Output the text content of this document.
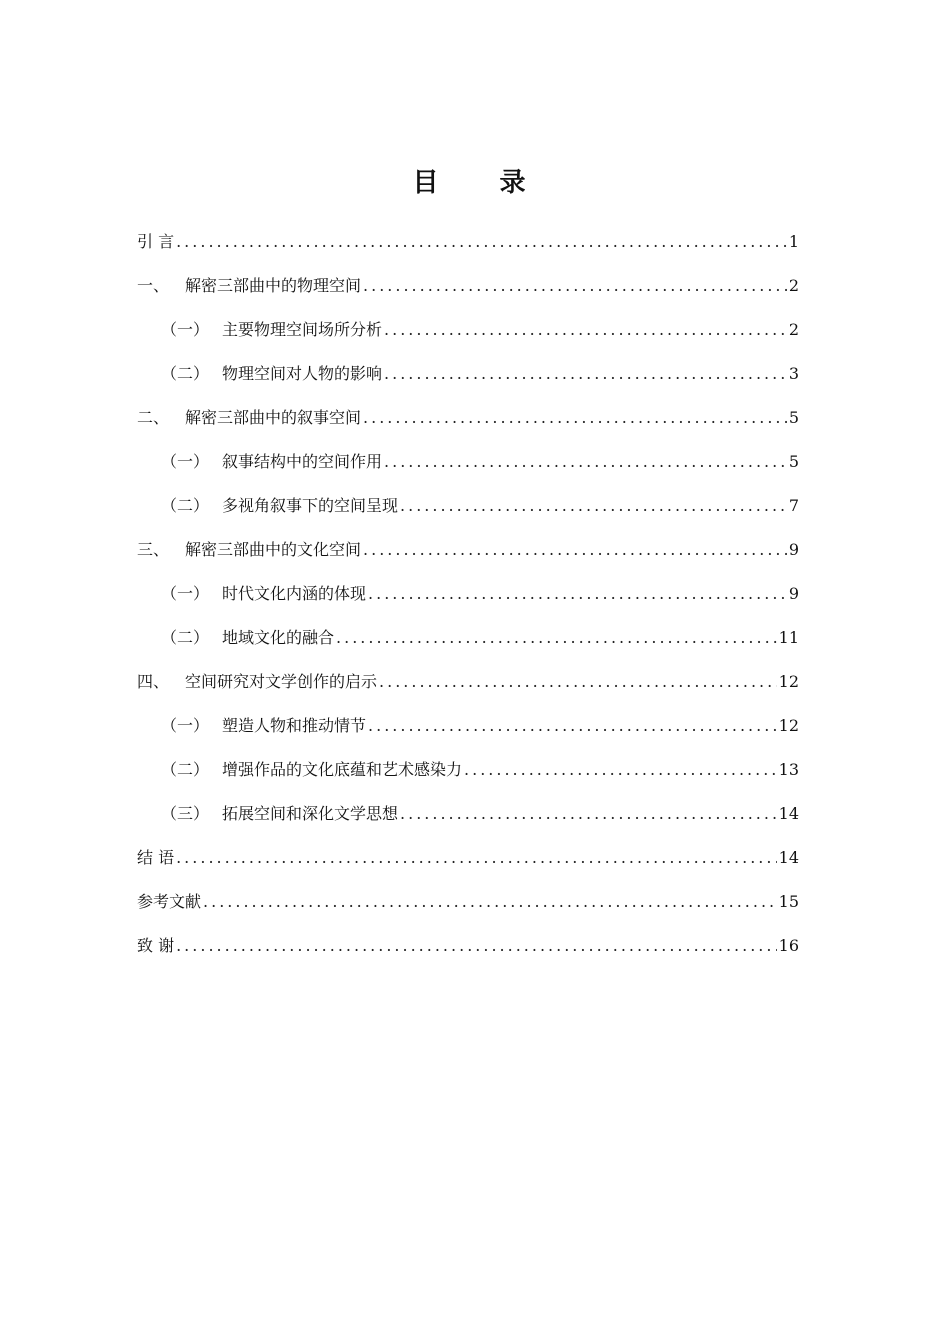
目 录
引 言 .....	1
一、 解密三部曲中的物理空间 .....	2
（一） 主要物理空间场所分析 .....	2
（二） 物理空间对人物的影响 .....	3
二、 解密三部曲中的叙事空间 .....	5
（一） 叙事结构中的空间作用 .....	5
（二） 多视角叙事下的空间呈现 .....	7
三、 解密三部曲中的文化空间 .....	9
（一） 时代文化内涵的体现 .....	9
（二） 地域文化的融合 .....	11
四、 空间研究对文学创作的启示 .....	12
（一） 塑造人物和推动情节 .....	12
（二） 增强作品的文化底蕴和艺术感染力 .....	13
（三） 拓展空间和深化文学思想 .....	14
结 语 .....	14
参考文献 .....	15
致 谢 .....	16
